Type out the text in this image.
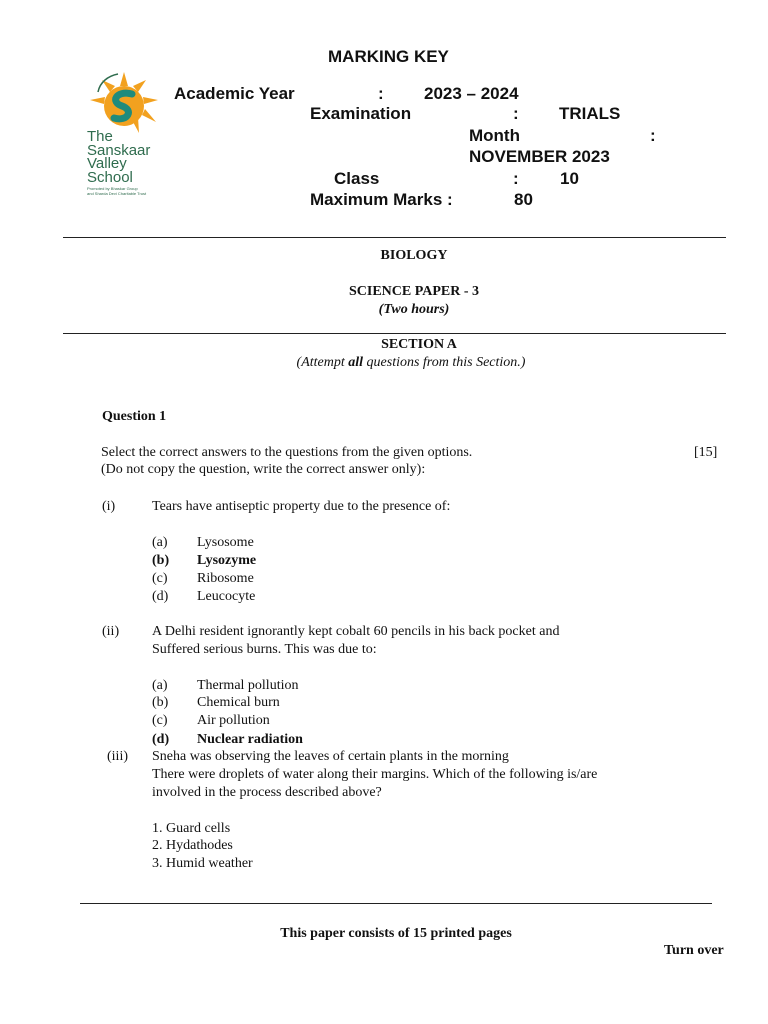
The
Sanskaar
Valley
School
Promoted by Bhaskar Group
and Sharda Devi Charitable Trust
MARKING KEY
Academic Year	: 2023 – 2024
Examination	: TRIALS
Month	:
NOVEMBER 2023
Class	: 10
Maximum Marks :	80
BIOLOGY
SCIENCE PAPER - 3
(Two hours)
SECTION A
(Attempt all questions from this Section.)
Question 1
Select the correct answers to the questions from the given options.
(Do not copy the question, write the correct answer only):
[15]
(i)	Tears have antiseptic property due to the presence of:
(a) Lysosome
(b) Lysozyme
(c) Ribosome
(d) Leucocyte
(ii) A Delhi resident ignorantly kept cobalt 60 pencils in his back pocket and
Suffered serious burns. This was due to:
(a) Thermal pollution
(b) Chemical burn
(c) Air pollution
(d) Nuclear radiation
(iii) Sneha was observing the leaves of certain plants in the morning
There were droplets of water along their margins. Which of the following is/are
involved in the process described above?
1. Guard cells
2. Hydathodes
3. Humid weather
This paper consists of 15 printed pages
Turn over
